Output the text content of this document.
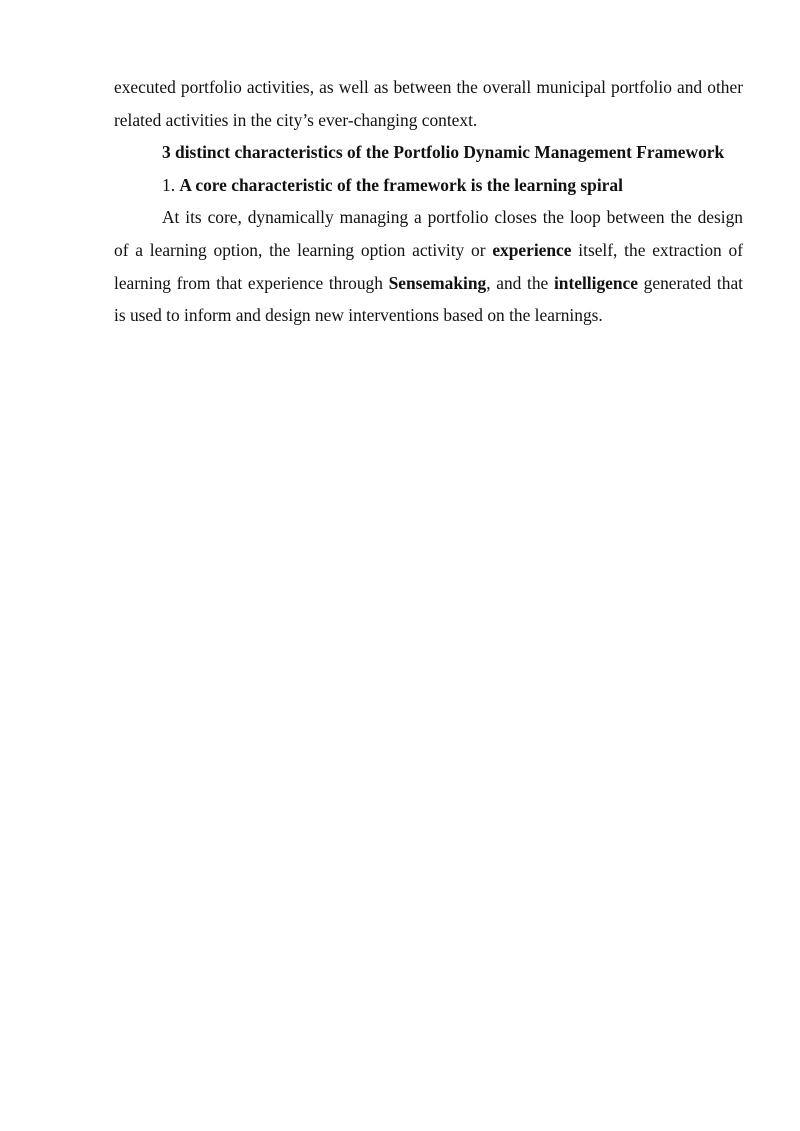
executed portfolio activities, as well as between the overall municipal portfolio and other related activities in the city’s ever-changing context.

3 distinct characteristics of the Portfolio Dynamic Management Framework

1. A core characteristic of the framework is the learning spiral

At its core, dynamically managing a portfolio closes the loop between the design of a learning option, the learning option activity or experience itself, the extraction of learning from that experience through Sensemaking, and the intelligence generated that is used to inform and design new interventions based on the learnings.
